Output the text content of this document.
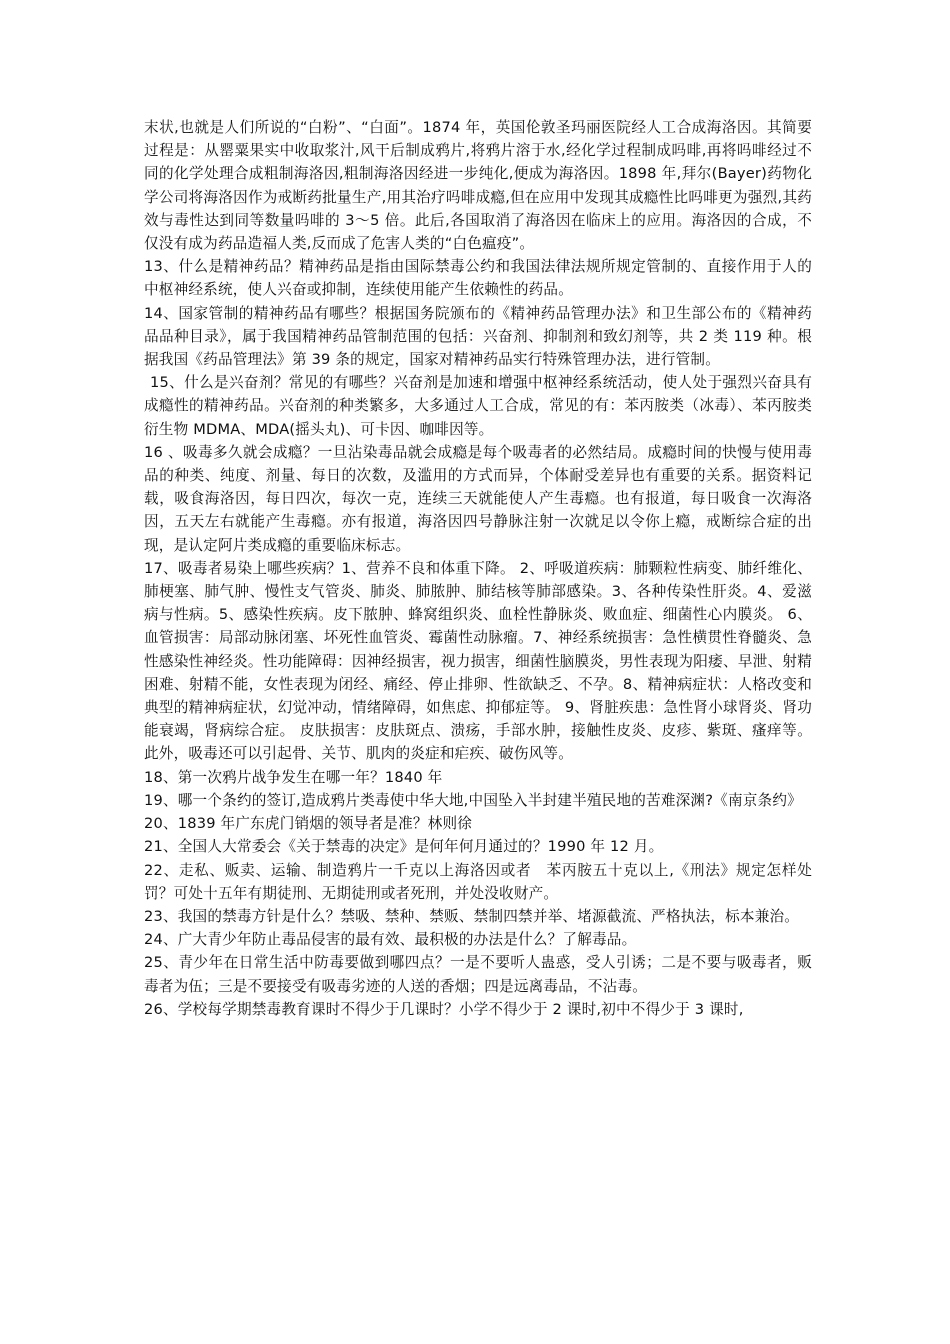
末状,也就是人们所说的“白粉”、“白面”。1874 年，英国伦敦圣玛丽医院经人工合成海洛因。其简要过程是：从罂粟果实中收取浆汁,风干后制成鸦片,将鸦片溶于水,经化学过程制成吗啡,再将吗啡经过不同的化学处理合成粗制海洛因,粗制海洛因经进一步纯化,便成为海洛因。1898 年,拜尔(Bayer)药物化学公司将海洛因作为戒断药批量生产,用其治疗吗啡成瘾,但在应用中发现其成瘾性比吗啡更为强烈,其药效与毒性达到同等数量吗啡的 3～5 倍。此后,各国取消了海洛因在临床上的应用。海洛因的合成，不仅没有成为药品造福人类,反而成了危害人类的“白色瘟疫”。

13、什么是精神药品？精神药品是指由国际禁毒公约和我国法律法规所规定管制的、直接作用于人的中枢神经系统，使人兴奋或抑制，连续使用能产生依赖性的药品。

14、国家管制的精神药品有哪些？根据国务院颁布的《精神药品管理办法》和卫生部公布的《精神药品品种目录》，属于我国精神药品管制范围的包括：兴奋剂、抑制剂和致幻剂等，共 2 类 119 种。根据我国《药品管理法》第 39 条的规定，国家对精神药品实行特殊管理办法，进行管制。

15、什么是兴奋剂？常见的有哪些？兴奋剂是加速和增强中枢神经系统活动，使人处于强烈兴奋具有成瘾性的精神药品。兴奋剂的种类繁多，大多通过人工合成，常见的有：苯丙胺类（冰毒）、苯丙胺类衍生物 MDMA、MDA(摇头丸)、可卡因、咖啡因等。

16 、吸毒多久就会成瘾？一旦沾染毒品就会成瘾是每个吸毒者的必然结局。成瘾时间的快慢与使用毒品的种类、纯度、剂量、每日的次数，及滥用的方式而异，个体耐受差异也有重要的关系。据资料记载，吸食海洛因，每日四次，每次一克，连续三天就能使人产生毒瘾。也有报道，每日吸食一次海洛因，五天左右就能产生毒瘾。亦有报道，海洛因四号静脉注射一次就足以令你上瘾，戒断综合症的出现，是认定阿片类成瘾的重要临床标志。

17、吸毒者易染上哪些疾病？1、营养不良和体重下降。 2、呼吸道疾病：肺颗粒性病变、肺纤维化、肺梗塞、肺气肿、慢性支气管炎、肺炎、肺脓肿、肺结核等肺部感染。3、各种传染性肝炎。4、爱滋病与性病。5、感染性疾病。皮下脓肿、蜂窝组织炎、血栓性静脉炎、败血症、细菌性心内膜炎。 6、血管损害：局部动脉闭塞、坏死性血管炎、霉菌性动脉瘤。7、神经系统损害：急性横贯性脊髓炎、急性感染性神经炎。性功能障碍：因神经损害，视力损害，细菌性脑膜炎，男性表现为阳痿、早泄、射精困难、射精不能，女性表现为闭经、痛经、停止排卵、性欲缺乏、不孕。8、精神病症状：人格改变和典型的精神病症状，幻觉冲动，情绪障碍，如焦虑、抑郁症等。 9、肾脏疾患：急性肾小球肾炎、肾功能衰竭，肾病综合症。 皮肤损害：皮肤斑点、溃疡，手部水肿，接触性皮炎、皮疹、紫斑、瘙痒等。此外，吸毒还可以引起骨、关节、肌肉的炎症和疟疾、破伤风等。

18、第一次鸦片战争发生在哪一年？1840 年

19、哪一个条约的签订,造成鸦片类毒使中华大地,中国坠入半封建半殖民地的苦难深渊?《南京条约》

20、1839 年广东虎门销烟的领导者是准？林则徐

21、全国人大常委会《关于禁毒的决定》是何年何月通过的？1990 年 12 月。

22、走私、贩卖、运输、制造鸦片一千克以上海洛因或者　苯丙胺五十克以上,《刑法》规定怎样处罚？可处十五年有期徒刑、无期徒刑或者死刑，并处没收财产。

23、我国的禁毒方针是什么？禁吸、禁种、禁贩、禁制四禁并举、堵源截流、严格执法，标本兼治。

24、广大青少年防止毒品侵害的最有效、最积极的办法是什么？了解毒品。

25、青少年在日常生活中防毒要做到哪四点？一是不要听人蛊惑，受人引诱；二是不要与吸毒者，贩毒者为伍；三是不要接受有吸毒劣迹的人送的香烟；四是远离毒品，不沾毒。

26、学校每学期禁毒教育课时不得少于几课时？小学不得少于 2 课时,初中不得少于 3 课时,
